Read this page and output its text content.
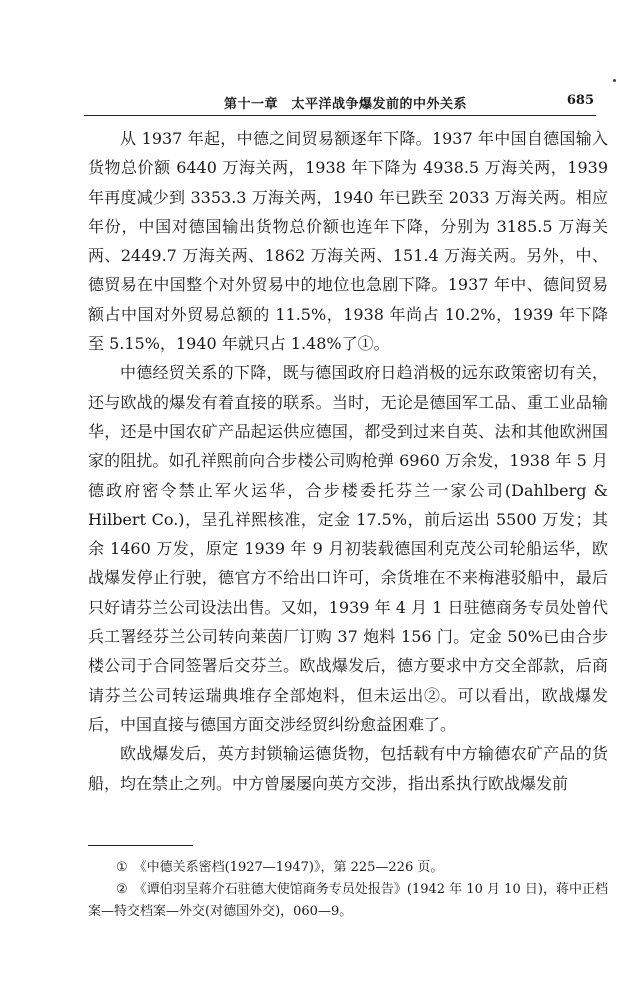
第十一章　太平洋战争爆发前的中外关系	685

从 1937 年起，中德之间贸易额逐年下降。1937 年中国自德国输入货物总价额 6440 万海关两，1938 年下降为 4938.5 万海关两，1939 年再度减少到 3353.3 万海关两，1940 年已跌至 2033 万海关两。相应年份，中国对德国输出货物总价额也连年下降，分别为 3185.5 万海关两、2449.7 万海关两、1862 万海关两、151.4 万海关两。另外，中、德贸易在中国整个对外贸易中的地位也急剧下降。1937 年中、德间贸易额占中国对外贸易总额的 11.5%，1938 年尚占 10.2%，1939 年下降至 5.15%，1940 年就只占 1.48%了①。

中德经贸关系的下降，既与德国政府日趋消极的远东政策密切有关，还与欧战的爆发有着直接的联系。当时，无论是德国军工品、重工业品输华，还是中国农矿产品起运供应德国，都受到过来自英、法和其他欧洲国家的阻扰。如孔祥熙前向合步楼公司购枪弹 6960 万余发，1938 年 5 月德政府密令禁止军火运华，合步楼委托芬兰一家公司(Dahlberg & Hilbert Co.)，呈孔祥熙核准，定金 17.5%，前后运出 5500 万发；其余 1460 万发，原定 1939 年 9 月初装载德国利克茂公司轮船运华，欧战爆发停止行驶，德官方不给出口许可，余货堆在不来梅港驳船中，最后只好请芬兰公司设法出售。又如，1939 年 4 月 1 日驻德商务专员处曾代兵工署经芬兰公司转向莱茵厂订购 37 炮料 156 门。定金 50%已由合步楼公司于合同签署后交芬兰。欧战爆发后，德方要求中方交全部款，后商请芬兰公司转运瑞典堆存全部炮料，但未运出②。可以看出，欧战爆发后，中国直接与德国方面交涉经贸纠纷愈益困难了。

欧战爆发后，英方封锁输运德货物，包括载有中方输德农矿产品的货船，均在禁止之列。中方曾屡屡向英方交涉，指出系执行欧战爆发前

① 《中德关系密档(1927—1947)》，第 225—226 页。

② 《谭伯羽呈蒋介石驻德大使馆商务专员处报告》(1942 年 10 月 10 日)，蒋中正档案—特交档案—外交(对德国外交)，060—9。
